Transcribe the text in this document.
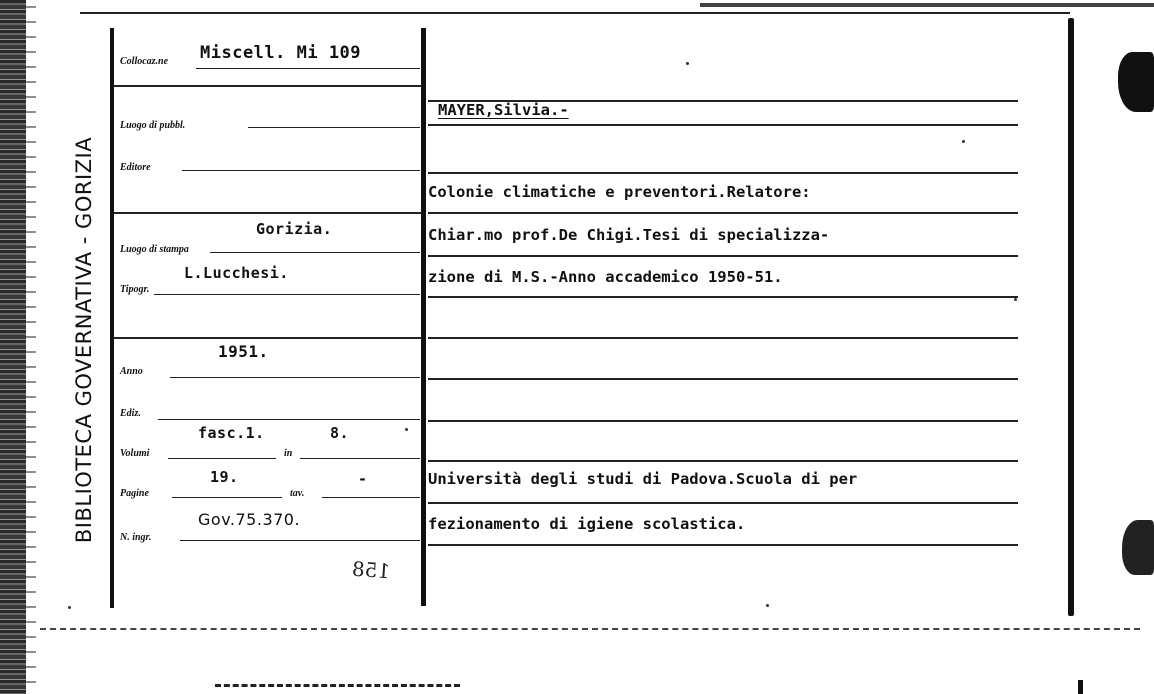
BIBLIOTECA GOVERNATIVA - GORIZIA
Collocaz.ne Miscell. Mi 109
Luogo di pubbl.
Editore
Luogo di stampa
Gorizia.
Tipogr.
L.Lucchesi.
Anno
1951.
Ediz.
Volumi
fasc.1.
in
8.
Pagine
19.
tav.
-
N. ingr.
Gov.75.370.
158
MAYER,Silvia.-
Colonie climatiche e preventori.Relatore:
Chiar.mo prof.De Chigi.Tesi di specializza-
zione di M.S.-Anno accademico 1950-51.
Università degli studi di Padova.Scuola di per
fezionamento di igiene scolastica.
